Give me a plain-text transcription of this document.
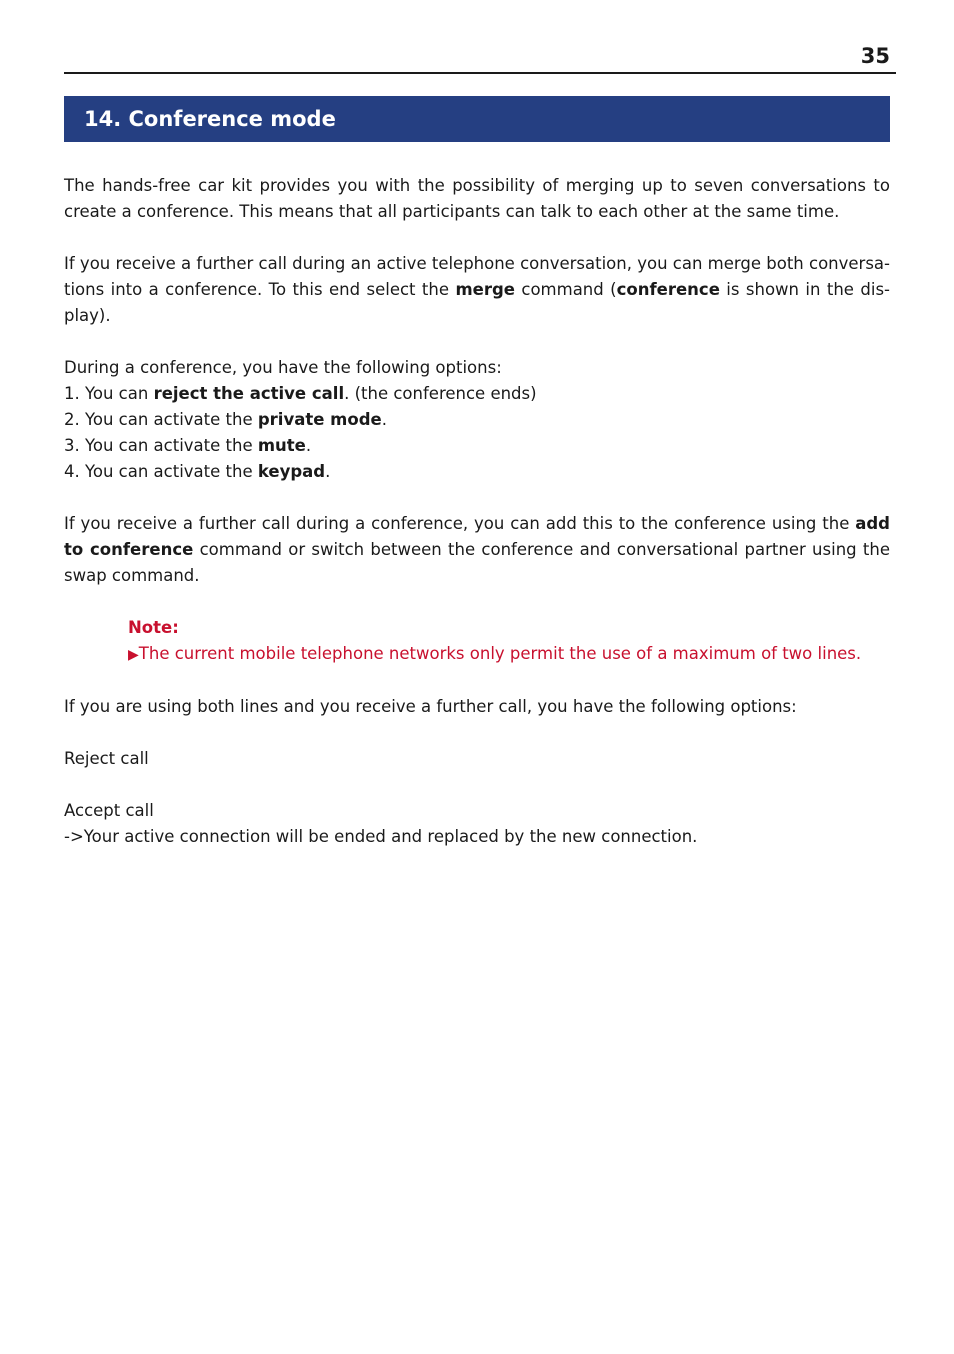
35
14. Conference mode

The hands-free car kit provides you with the possibility of merging up to seven conversations to create a conference. This means that all participants can talk to each other at the same time.

If you receive a further call during an active telephone conversation, you can merge both conversa-tions into a conference. To this end select the merge command (conference is shown in the dis-play).

During a conference, you have the following options:

1. You can reject the active call. (the conference ends)

2. You can activate the private mode.

3. You can activate the mute.

4. You can activate the keypad.

If you receive a further call during a conference, you can add this to the conference using the add to conference command or switch between the conference and conversational partner using the swap command.

Note:

▶The current mobile telephone networks only permit the use of a maximum of two lines.

If you are using both lines and you receive a further call, you have the following options:

Reject call

Accept call

->Your active connection will be ended and replaced by the new connection.
